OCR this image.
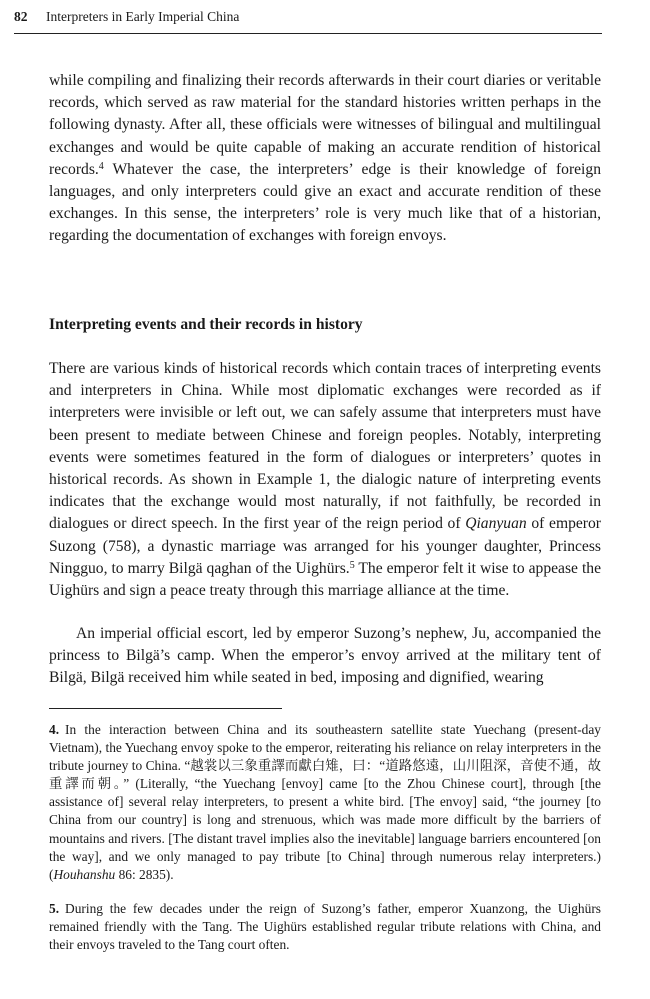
82 Interpreters in Early Imperial China

while compiling and finalizing their records afterwards in their court diaries or veritable records, which served as raw material for the standard histories written perhaps in the following dynasty. After all, these officials were witnesses of bilingual and multilingual exchanges and would be quite capable of making an accurate rendition of historical records.$^4$ Whatever the case, the interpreters’ edge is their knowledge of foreign languages, and only interpreters could give an exact and accurate rendition of these exchanges. In this sense, the interpreters’ role is very much like that of a historian, regarding the documentation of exchanges with foreign envoys.

Interpreting events and their records in history

There are various kinds of historical records which contain traces of interpreting events and interpreters in China. While most diplomatic exchanges were recorded as if interpreters were invisible or left out, we can safely assume that interpreters must have been present to mediate between Chinese and foreign peoples. Notably, interpreting events were sometimes featured in the form of dialogues or interpreters’ quotes in historical records. As shown in Example 1, the dialogic nature of interpreting events indicates that the exchange would most naturally, if not faithfully, be recorded in dialogues or direct speech. In the first year of the reign period of Qianyuan of emperor Suzong (758), a dynastic marriage was arranged for his younger daughter, Princess Ningguo, to marry Bilgä qaghan of the Uighürs.$^5$ The emperor felt it wise to appease the Uighürs and sign a peace treaty through this marriage alliance at the time.

An imperial official escort, led by emperor Suzong’s nephew, Ju, accompanied the princess to Bilgä’s camp. When the emperor’s envoy arrived at the military tent of Bilgä, Bilgä received him while seated in bed, imposing and dignified, wearing

4. In the interaction between China and its southeastern satellite state Yuechang (present-day Vietnam), the Yuechang envoy spoke to the emperor, reiterating his reliance on relay interpreters in the tribute journey to China. “越裳以三象重譯而獻白雉，曰：“道路悠遠，山川阻深，音使不通，故重譯而朝。” (Literally, “the Yuechang [envoy] came [to the Zhou Chinese court], through [the assistance of] several relay interpreters, to present a white bird. [The envoy] said, “the journey [to China from our country] is long and strenuous, which was made more difficult by the barriers of mountains and rivers. [The distant travel implies also the inevitable] language barriers encountered [on the way], and we only managed to pay tribute [to China] through numerous relay interpreters.) (Houhanshu 86: 2835).

5. During the few decades under the reign of Suzong’s father, emperor Xuanzong, the Uighürs remained friendly with the Tang. The Uighürs established regular tribute relations with China, and their envoys traveled to the Tang court often.
